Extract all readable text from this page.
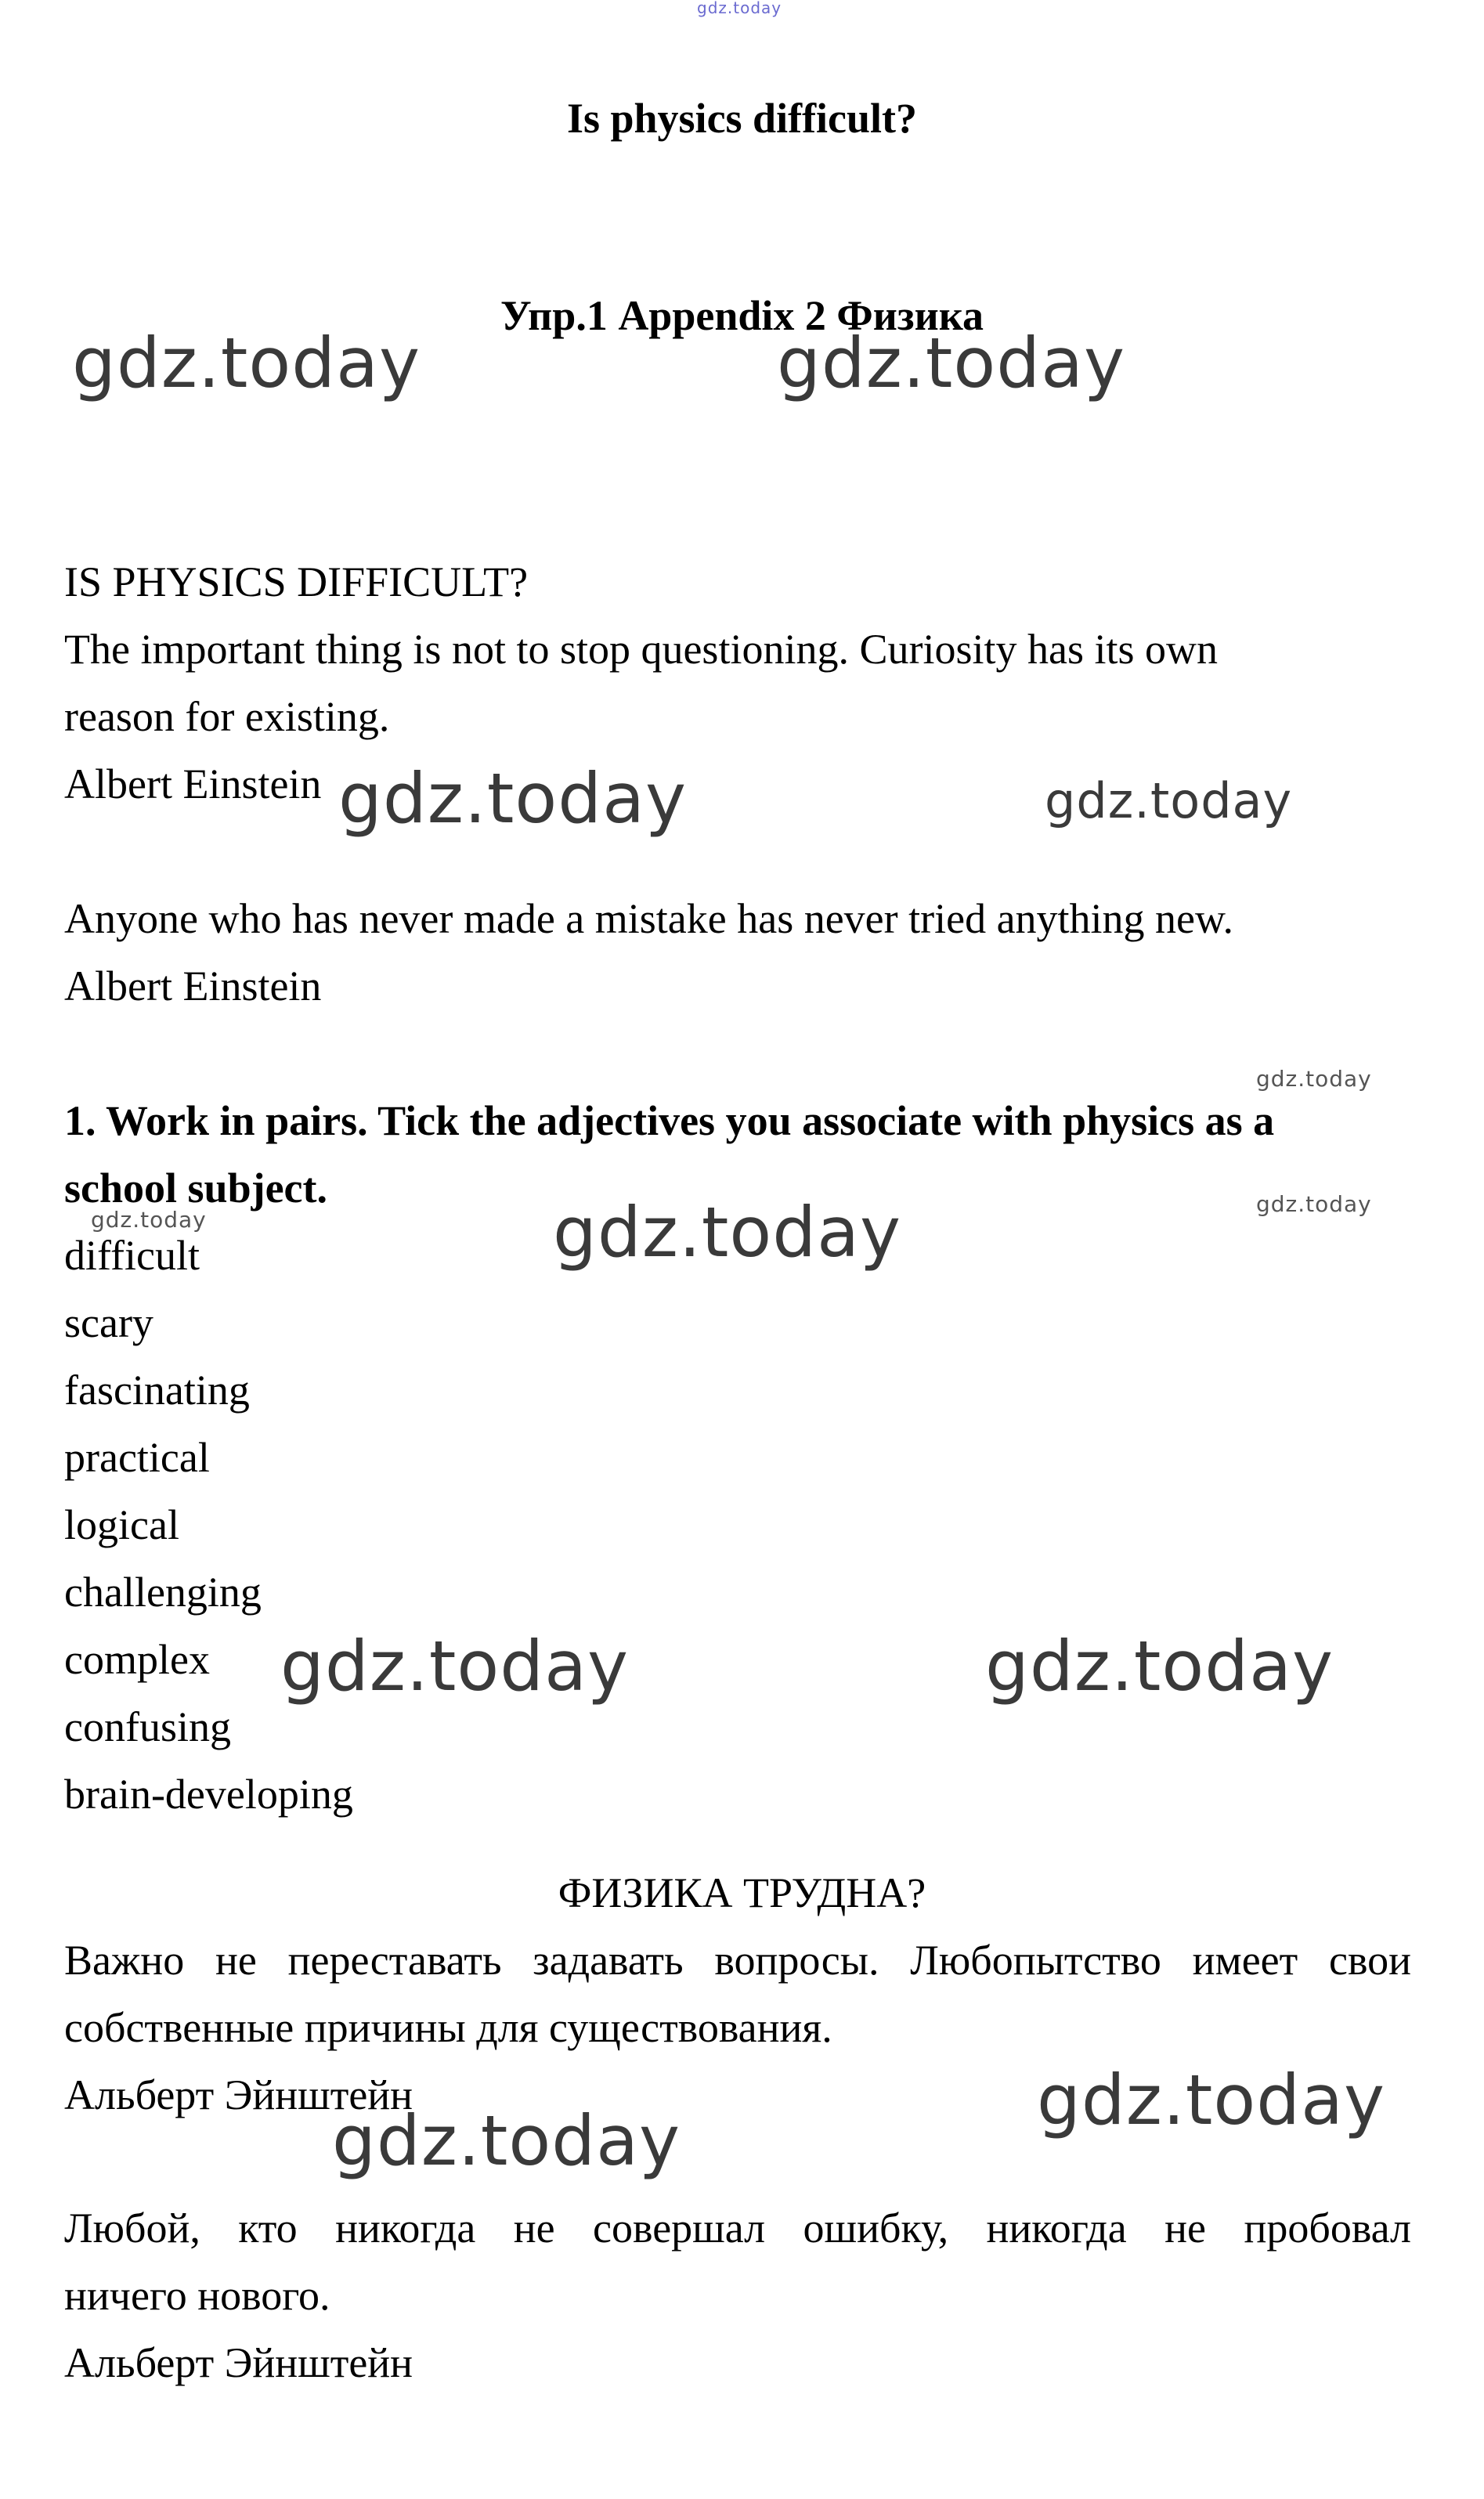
gdz.today
Is physics difficult?
Упр.1 Appendix 2 Физика
IS PHYSICS DIFFICULT?
The important thing is not to stop questioning. Curiosity has its own
reason for existing.
Albert Einstein
Anyone who has never made a mistake has never tried anything new.
Albert Einstein
1. Work in pairs. Tick the adjectives you associate with physics as a
school subject.
difficult
scary
fascinating
practical
logical
challenging
complex
confusing
brain-developing
ФИЗИКА ТРУДНА?
Важно не переставать задавать вопросы. Любопытство имеет свои
собственные причины для существования.
Альберт Эйнштейн
Любой, кто никогда не совершал ошибку, никогда не пробовал
ничего нового.
Альберт Эйнштейн
gdz.today	gdz.today
gdz.today	gdz.today
gdz.today
gdz.today
gdz.today	gdz.today
gdz.today	gdz.today
gdz.today
gdz.today
